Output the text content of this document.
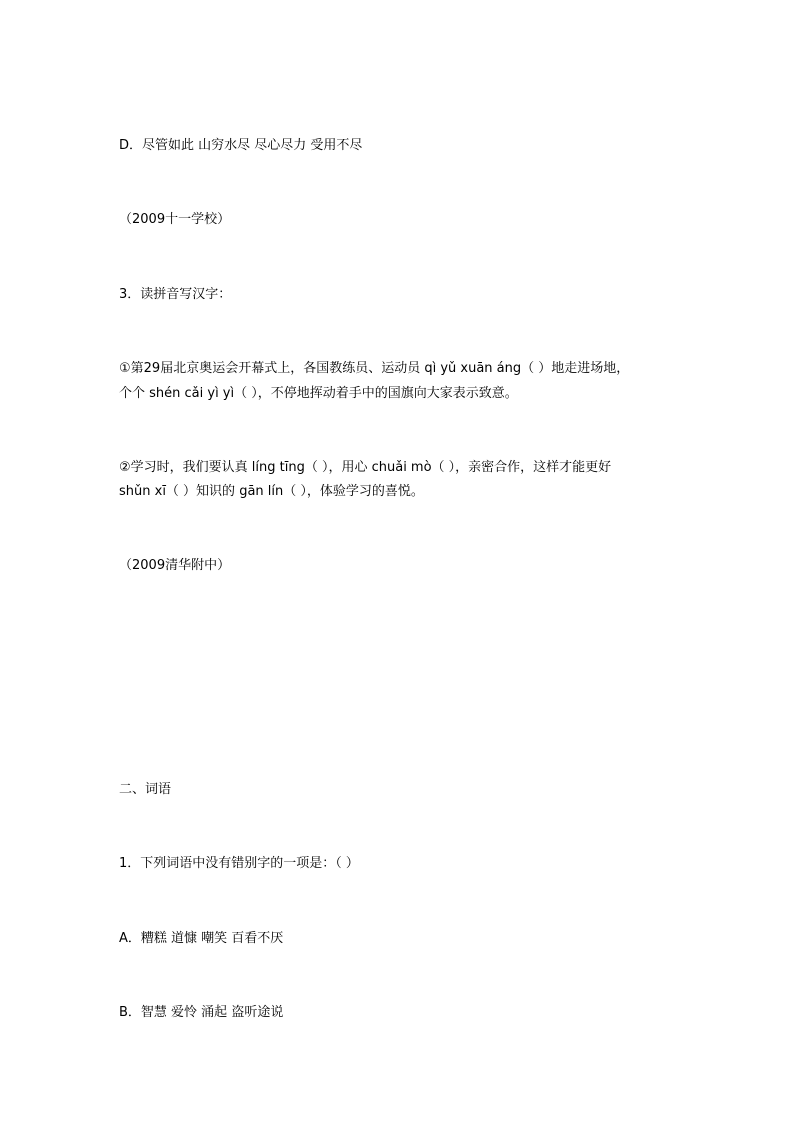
D．尽管如此 山穷水尽 尽心尽力 受用不尽
（2009十一学校）
3．读拼音写汉字：
①第29届北京奥运会开幕式上，各国教练员、运动员 qì yǔ xuān áng（ ）地走进场地，
个个 shén cǎi yì yì（ ），不停地挥动着手中的国旗向大家表示致意。
②学习时，我们要认真 líng tīng（ ），用心 chuǎi mò（ ），亲密合作，这样才能更好
shǔn xī（ ）知识的 gān lín（ ），体验学习的喜悦。
（2009清华附中）
二、词语
1．下列词语中没有错别字的一项是：（ ）
A．糟糕 道慷 嘲笑 百看不厌
B．智慧 爱怜 涌起 盗听途说
